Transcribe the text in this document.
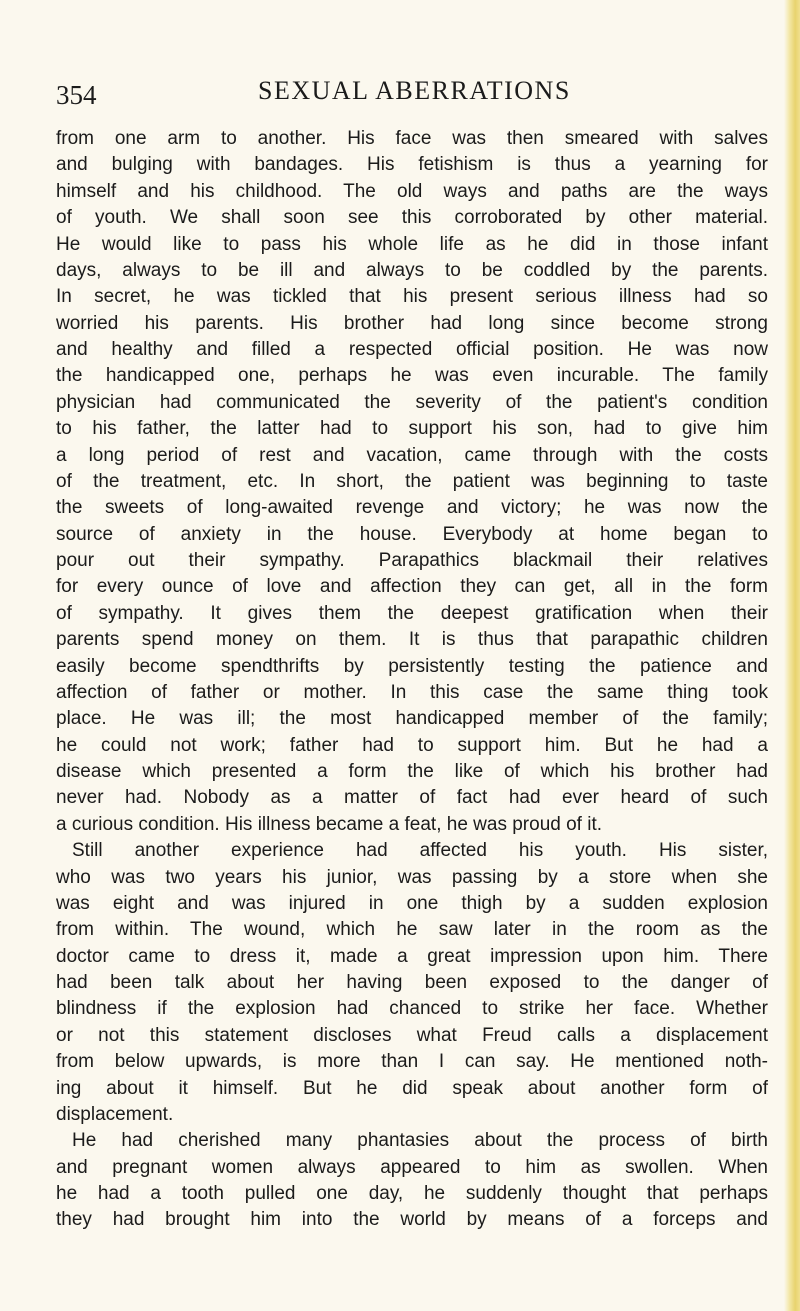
354	SEXUAL ABERRATIONS
from one arm to another. His face was then smeared with salves
and bulging with bandages. His fetishism is thus a yearning for
himself and his childhood. The old ways and paths are the ways
of youth. We shall soon see this corroborated by other material.
He would like to pass his whole life as he did in those infant
days, always to be ill and always to be coddled by the parents.
In secret, he was tickled that his present serious illness had so
worried his parents. His brother had long since become strong
and healthy and filled a respected official position. He was now
the handicapped one, perhaps he was even incurable. The family
physician had communicated the severity of the patient's condition
to his father, the latter had to support his son, had to give him
a long period of rest and vacation, came through with the costs
of the treatment, etc. In short, the patient was beginning to taste
the sweets of long-awaited revenge and victory; he was now the
source of anxiety in the house. Everybody at home began to
pour out their sympathy. Parapathics blackmail their relatives
for every ounce of love and affection they can get, all in the form
of sympathy. It gives them the deepest gratification when their
parents spend money on them. It is thus that parapathic children
easily become spendthrifts by persistently testing the patience and
affection of father or mother. In this case the same thing took
place. He was ill; the most handicapped member of the family;
he could not work; father had to support him. But he had a
disease which presented a form the like of which his brother had
never had. Nobody as a matter of fact had ever heard of such
a curious condition. His illness became a feat, he was proud of it.
Still another experience had affected his youth. His sister,
who was two years his junior, was passing by a store when she
was eight and was injured in one thigh by a sudden explosion
from within. The wound, which he saw later in the room as the
doctor came to dress it, made a great impression upon him. There
had been talk about her having been exposed to the danger of
blindness if the explosion had chanced to strike her face. Whether
or not this statement discloses what Freud calls a displacement
from below upwards, is more than I can say. He mentioned noth-
ing about it himself. But he did speak about another form of
displacement.
He had cherished many phantasies about the process of birth
and pregnant women always appeared to him as swollen. When
he had a tooth pulled one day, he suddenly thought that perhaps
they had brought him into the world by means of a forceps and
